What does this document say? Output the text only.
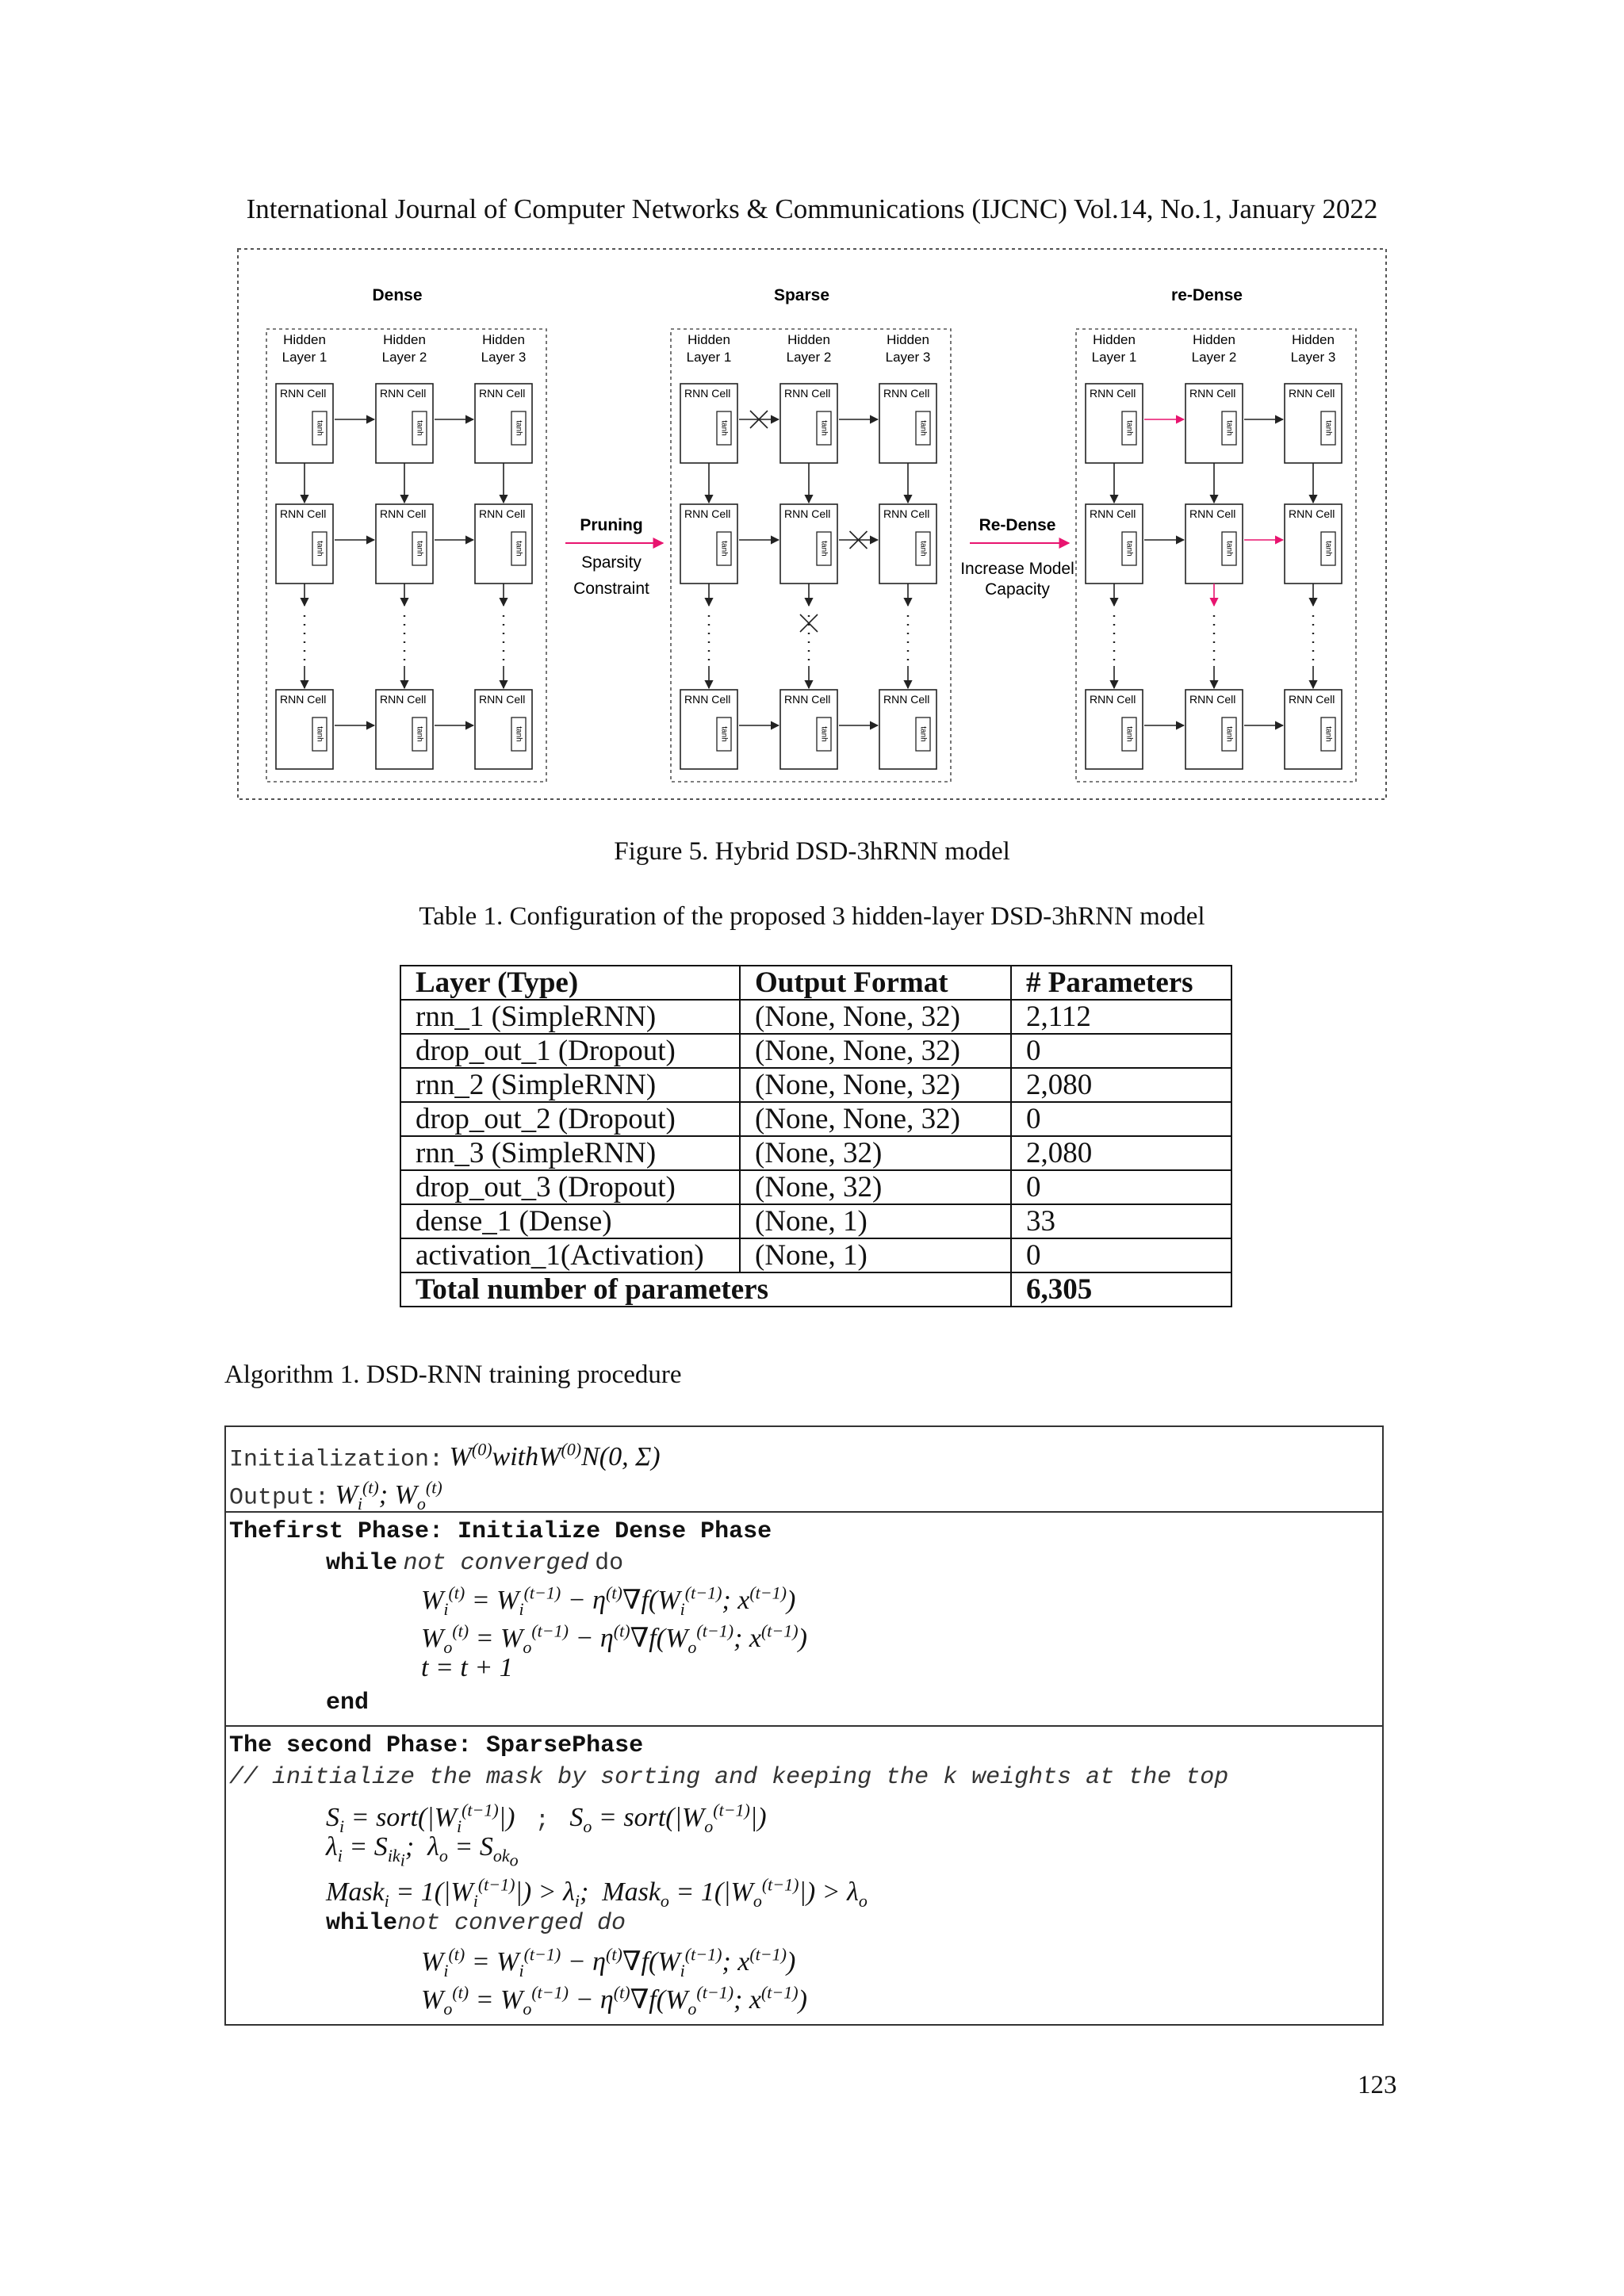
International Journal of Computer Networks & Communications (IJCNC) Vol.14, No.1, January 2022
Dense
Hidden
Layer 1
RNN Cell
tanh
RNN Cell
tanh
RNN Cell
tanh
Hidden
Layer 2
RNN Cell
tanh
RNN Cell
tanh
RNN Cell
tanh
Hidden
Layer 3
RNN Cell
tanh
RNN Cell
tanh
RNN Cell
tanh
Sparse
Hidden
Layer 1
RNN Cell
tanh
RNN Cell
tanh
RNN Cell
tanh
Hidden
Layer 2
RNN Cell
tanh
RNN Cell
tanh
RNN Cell
tanh
Hidden
Layer 3
RNN Cell
tanh
RNN Cell
tanh
RNN Cell
tanh
re-Dense
Hidden
Layer 1
RNN Cell
tanh
RNN Cell
tanh
RNN Cell
tanh
Hidden
Layer 2
RNN Cell
tanh
RNN Cell
tanh
RNN Cell
tanh
Hidden
Layer 3
RNN Cell
tanh
RNN Cell
tanh
RNN Cell
tanh
Pruning
Sparsity
Constraint
Re-Dense
Increase Model
Capacity
Figure 5. Hybrid DSD-3hRNN model
Table 1. Configuration of the proposed 3 hidden-layer DSD-3hRNN model
Layer (Type)	Output Format	# Parameters
rnn_1 (SimpleRNN)	(None, None, 32)	2,112
drop_out_1 (Dropout)	(None, None, 32)	0
rnn_2 (SimpleRNN)	(None, None, 32)	2,080
drop_out_2 (Dropout)	(None, None, 32)	0
rnn_3 (SimpleRNN)	(None, 32)	2,080
drop_out_3 (Dropout)	(None, 32)	0
dense_1 (Dense)	(None, 1)	33
activation_1(Activation)	(None, 1)	0
Total number of parameters		6,305
Algorithm 1. DSD-RNN training procedure
Initialization: $W^{(0)}withW^{(0)}N(0$, Σ)
Output: $W_i^{(t)}$; $W_o^{(t)}$
Thefirst Phase: Initialize Dense Phase
while not converged do
$W_i^{(t)} = W_i^{(t-1)} - \eta^{(t)}\nabla f(W_i^{(t-1)}$; $x^{(t-1)}$)
$W_o^{(t)} = W_o^{(t-1)} - \eta^{(t)}\nabla f(W_o^{(t-1)}$; $x^{(t-1)}$)
t = t + 1
end
The second Phase: SparsePhase
// initialize the mask by sorting and keeping the k weights at the top
$S_i$ = $sort(|W_i^{(t-1)}|)$  ;  $S_o$ = $sort(|W_o^{(t-1)}|)$
$\lambda_i = S_{ik_i}$;  $\lambda_o = S_{ok_o}$
Mask$_i$ = $1(|W_i^{(t-1)}|) > \lambda_i$;  Mask$_o$ = $1(|W_o^{(t-1)}|) > \lambda_o$
whilenot converged do
$W_i^{(t)} = W_i^{(t-1)} - \eta^{(t)}\nabla f(W_i^{(t-1)}$; $x^{(t-1)}$)
$W_o^{(t)} = W_o^{(t-1)} - \eta^{(t)}\nabla f(W_o^{(t-1)}$; $x^{(t-1)}$)
123
